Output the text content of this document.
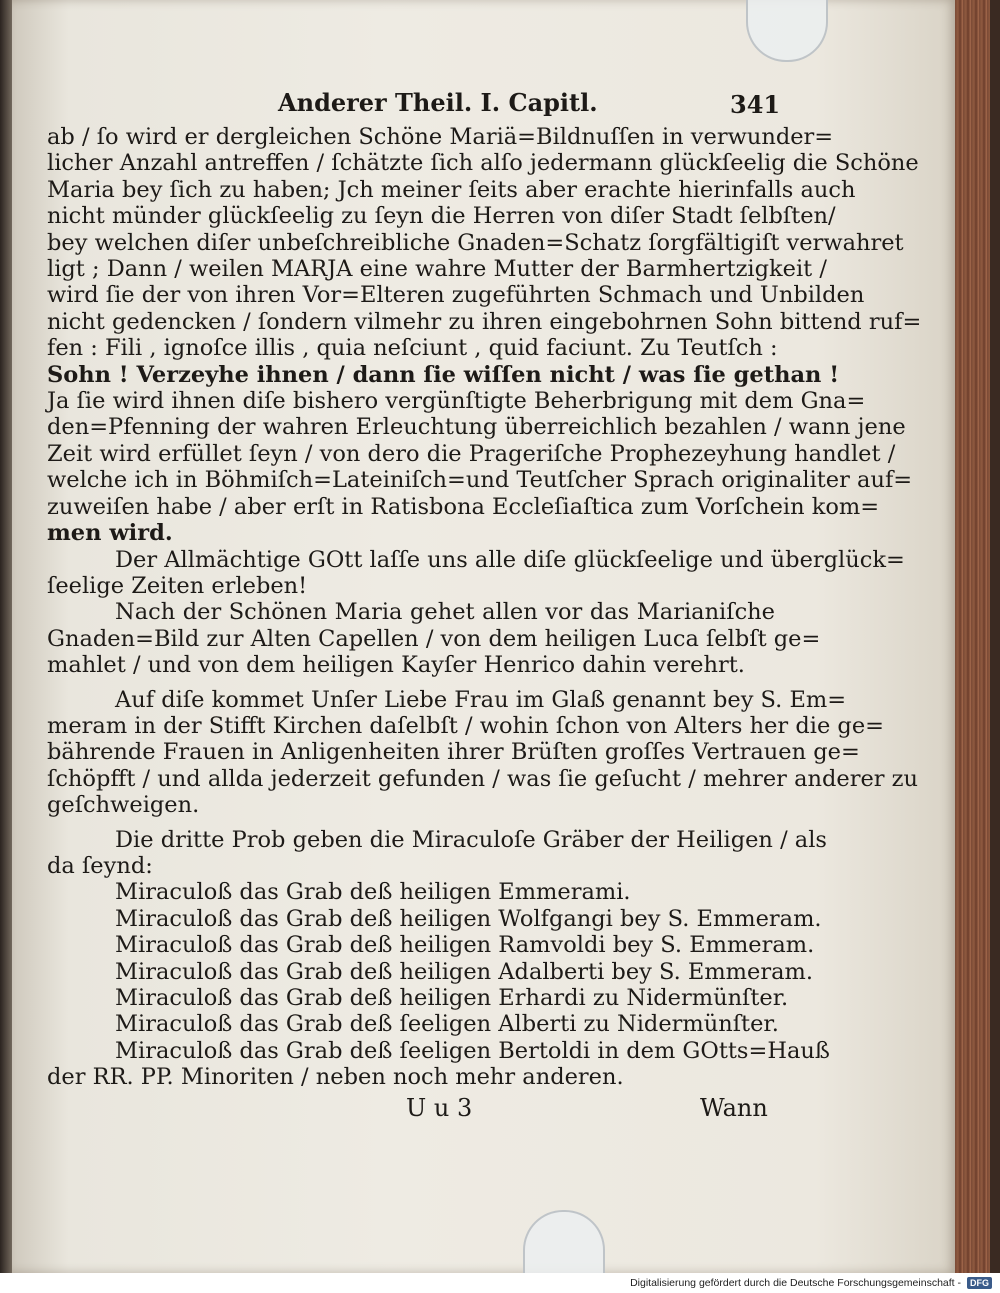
Anderer Theil. I. Capitl.	341
ab / ſo wird er dergleichen Schöne Mariä=Bildnuſſen in verwunder=
licher Anzahl antreffen / ſchätzte ſich alſo jedermann glückſeelig die Schöne
Maria bey ſich zu haben; Jch meiner ſeits aber erachte hierinfalls auch
nicht münder glückſeelig zu ſeyn die Herren von diſer Stadt ſelbſten/
bey welchen diſer unbeſchreibliche Gnaden=Schatz ſorgfältigiſt verwahret
ligt ; Dann / weilen MARJA eine wahre Mutter der Barmhertzigkeit /
wird ſie der von ihren Vor=Elteren zugeführten Schmach und Unbilden
nicht gedencken / ſondern vilmehr zu ihren eingebohrnen Sohn bittend ruf=
fen : Fili , ignoſce illis , quia neſciunt , quid faciunt. Zu Teutſch :
Sohn ! Verzeyhe ihnen / dann ſie wiſſen nicht / was ſie gethan !
Ja ſie wird ihnen diſe bishero vergünſtigte Beherbrigung mit dem Gna=
den=Pfenning der wahren Erleuchtung überreichlich bezahlen / wann jene
Zeit wird erfüllet ſeyn / von dero die Prageriſche Prophezeyhung handlet /
welche ich in Böhmiſch=Lateiniſch=und Teutſcher Sprach originaliter auf=
zuweiſen habe / aber erſt in Ratisbona Eccleſiaſtica zum Vorſchein kom=
men wird.
Der Allmächtige GOtt laſſe uns alle diſe glückſeelige und überglück=
ſeelige Zeiten erleben!
Nach der Schönen Maria gehet allen vor das Marianiſche
Gnaden=Bild zur Alten Capellen / von dem heiligen Luca ſelbſt ge=
mahlet / und von dem heiligen Kayſer Henrico dahin verehrt.
Auf diſe kommet Unſer Liebe Frau im Glaß genannt bey S. Em=
meram in der Stifft Kirchen daſelbſt / wohin ſchon von Alters her die ge=
bährende Frauen in Anligenheiten ihrer Brüſten groſſes Vertrauen ge=
ſchöpfft / und allda jederzeit gefunden / was ſie geſucht / mehrer anderer zu
geſchweigen.
Die dritte Prob geben die Miraculoſe Gräber der Heiligen / als
da ſeynd:
Miraculoß das Grab deß heiligen Emmerami.
Miraculoß das Grab deß heiligen Wolfgangi bey S. Emmeram.
Miraculoß das Grab deß heiligen Ramvoldi bey S. Emmeram.
Miraculoß das Grab deß heiligen Adalberti bey S. Emmeram.
Miraculoß das Grab deß heiligen Erhardi zu Nidermünſter.
Miraculoß das Grab deß ſeeligen Alberti zu Nidermünſter.
Miraculoß das Grab deß ſeeligen Bertoldi in dem GOtts=Hauß
der RR. PP. Minoriten / neben noch mehr anderen.
U u 3	Wann
Digitalisierung gefördert durch die Deutsche Forschungsgemeinschaft -	DFG
